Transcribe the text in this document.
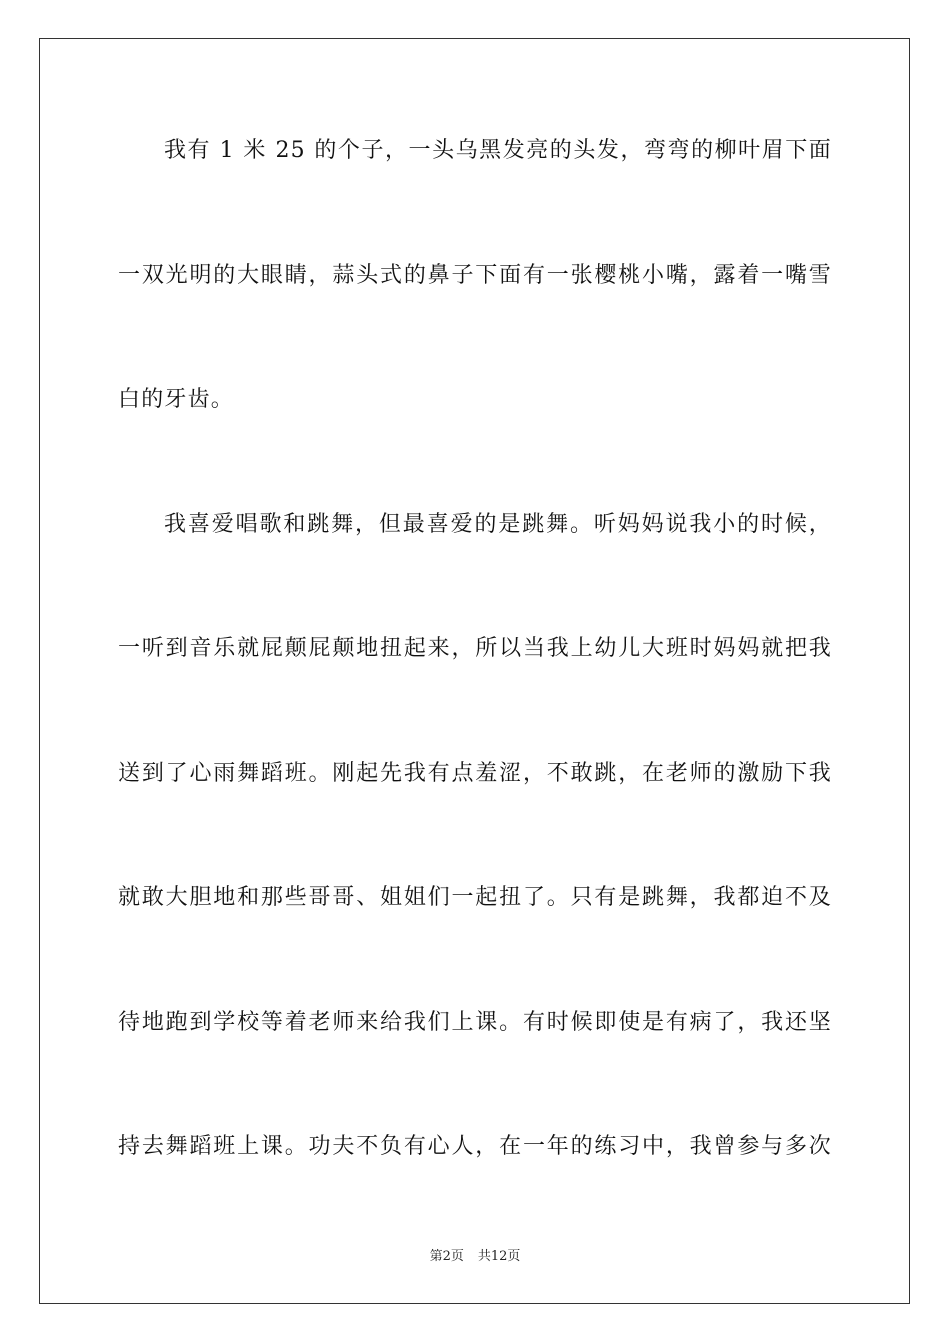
我有 1 米 25 的个子，一头乌黑发亮的头发，弯弯的柳叶眉下面
一双光明的大眼睛，蒜头式的鼻子下面有一张樱桃小嘴，露着一嘴雪
白的牙齿。
我喜爱唱歌和跳舞，但最喜爱的是跳舞。听妈妈说我小的时候，
一听到音乐就屁颠屁颠地扭起来，所以当我上幼儿大班时妈妈就把我
送到了心雨舞蹈班。刚起先我有点羞涩，不敢跳，在老师的激励下我
就敢大胆地和那些哥哥、姐姐们一起扭了。只有是跳舞，我都迫不及
待地跑到学校等着老师来给我们上课。有时候即使是有病了，我还坚
持去舞蹈班上课。功夫不负有心人，在一年的练习中，我曾参与多次
第2页 共12页
